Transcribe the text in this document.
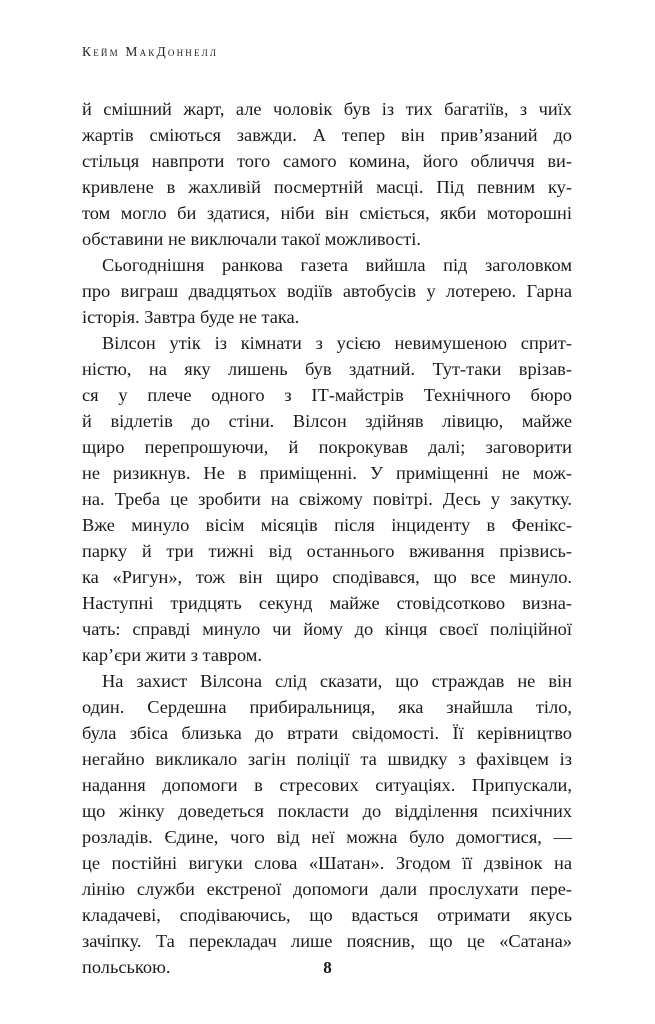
Кейм МакДоннелл
й смішний жарт, але чоловік був із тих багатіїв, з чиїх
жартів сміються завжди. А тепер він прив’язаний до
стільця навпроти того самого комина, його обличчя ви-
кривлене в жахливій посмертній масці. Під певним ку-
том могло би здатися, ніби він сміється, якби моторошні
обставини не виключали такої можливості.
Сьогоднішня ранкова газета вийшла під заголовком
про виграш двадцятьох водіїв автобусів у лотерею. Гарна
історія. Завтра буде не така.
Вілсон утік із кімнати з усією невимушеною сприт-
ністю, на яку лишень був здатний. Тут-таки врізав-
ся у плече одного з ІТ-майстрів Технічного бюро
й відлетів до стіни. Вілсон здійняв лівицю, майже
щиро перепрошуючи, й покрокував далі; заговорити
не ризикнув. Не в приміщенні. У приміщенні не мож-
на. Треба це зробити на свіжому повітрі. Десь у закутку.
Вже минуло вісім місяців після інциденту в Фенікс-
парку й три тижні від останнього вживання прізвись-
ка «Ригун», тож він щиро сподівався, що все минуло.
Наступні тридцять секунд майже стовідсотково визна-
чать: справді минуло чи йому до кінця своєї поліційної
кар’єри жити з тавром.
На захист Вілсона слід сказати, що страждав не він
один. Сердешна прибиральниця, яка знайшла тіло,
була збіса близька до втрати свідомості. Її керівництво
негайно викликало загін поліції та швидку з фахівцем із
надання допомоги в стресових ситуаціях. Припускали,
що жінку доведеться покласти до відділення психічних
розладів. Єдине, чого від неї можна було домогтися, —
це постійні вигуки слова «Шатан». Згодом її дзвінок на
лінію служби екстреної допомоги дали прослухати пере-
кладачеві, сподіваючись, що вдасться отримати якусь
зачіпку. Та перекладач лише пояснив, що це «Сатана»
польською.	8
